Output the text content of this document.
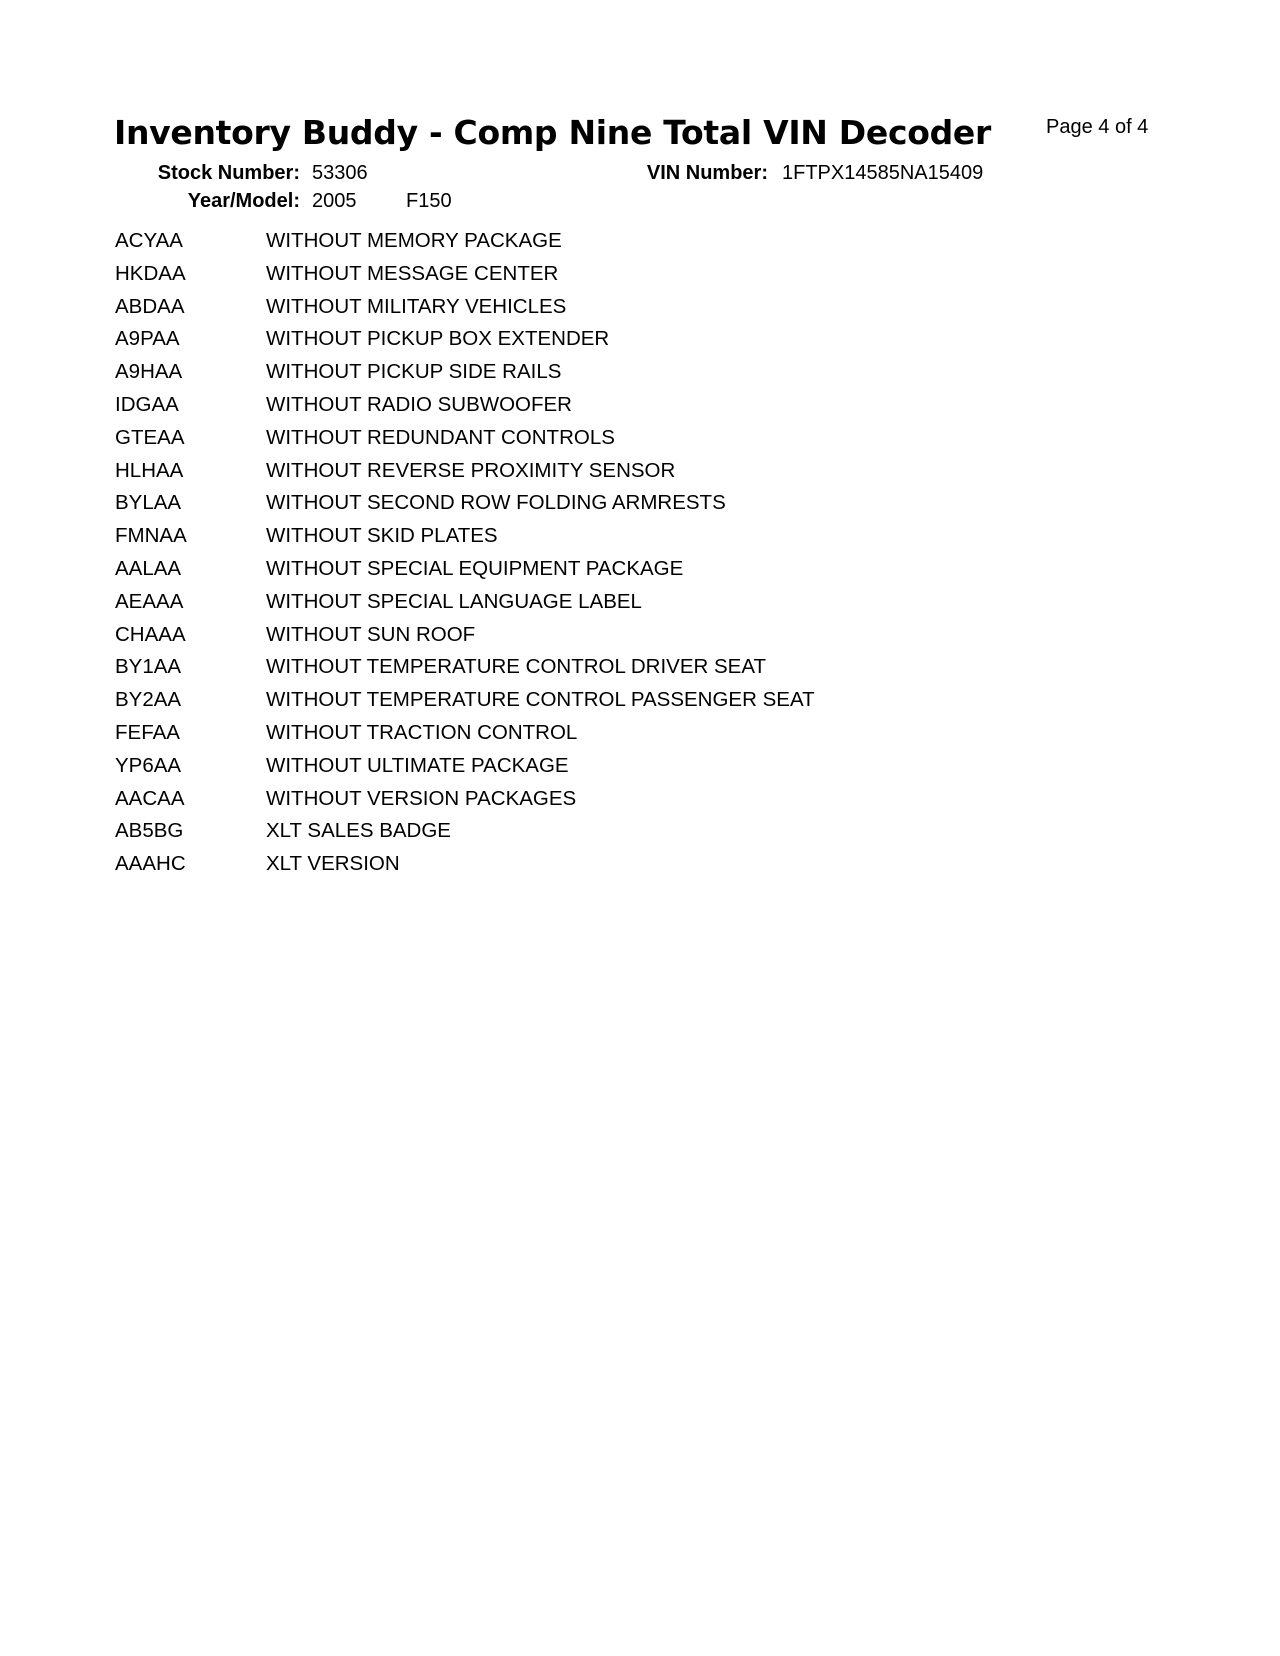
Inventory Buddy - Comp Nine Total VIN Decoder	Page 4 of 4
Stock Number: 53306	VIN Number: 1FTPX14585NA15409
Year/Model: 2005 F150
ACYAA	WITHOUT MEMORY PACKAGE
HKDAA	WITHOUT MESSAGE CENTER
ABDAA	WITHOUT MILITARY VEHICLES
A9PAA	WITHOUT PICKUP BOX EXTENDER
A9HAA	WITHOUT PICKUP SIDE RAILS
IDGAA	WITHOUT RADIO SUBWOOFER
GTEAA	WITHOUT REDUNDANT CONTROLS
HLHAA	WITHOUT REVERSE PROXIMITY SENSOR
BYLAA	WITHOUT SECOND ROW FOLDING ARMRESTS
FMNAA	WITHOUT SKID PLATES
AALAA	WITHOUT SPECIAL EQUIPMENT PACKAGE
AEAAA	WITHOUT SPECIAL LANGUAGE LABEL
CHAAA	WITHOUT SUN ROOF
BY1AA	WITHOUT TEMPERATURE CONTROL DRIVER SEAT
BY2AA	WITHOUT TEMPERATURE CONTROL PASSENGER SEAT
FEFAA	WITHOUT TRACTION CONTROL
YP6AA	WITHOUT ULTIMATE PACKAGE
AACAA	WITHOUT VERSION PACKAGES
AB5BG	XLT SALES BADGE
AAAHC	XLT VERSION
